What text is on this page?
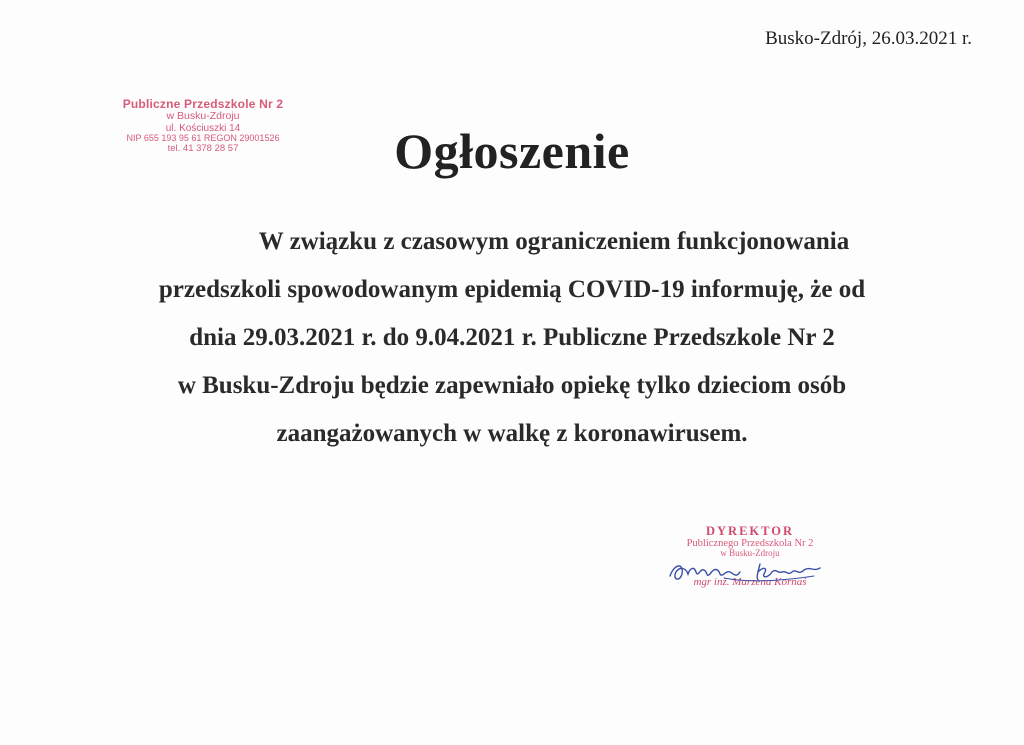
Busko-Zdrój, 26.03.2021 r.
Publiczne Przedszkole Nr 2
w Busku-Zdroju
ul. Kościuszki 14
NIP 655 193 95 61 REGON 29001526
tel. 41 378 28 57	Ogłoszenie
W związku z czasowym ograniczeniem funkcjonowania
przedszkoli spowodowanym epidemią COVID-19 informuję, że od
dnia 29.03.2021 r. do 9.04.2021 r. Publiczne Przedszkole Nr 2
w Busku-Zdroju będzie zapewniało opiekę tylko dzieciom osób
zaangażowanych w walkę z koronawirusem.
DYREKTOR
Publicznego Przedszkola Nr 2
w Busku-Zdroju
mgr inż. Marzena Kornaś
